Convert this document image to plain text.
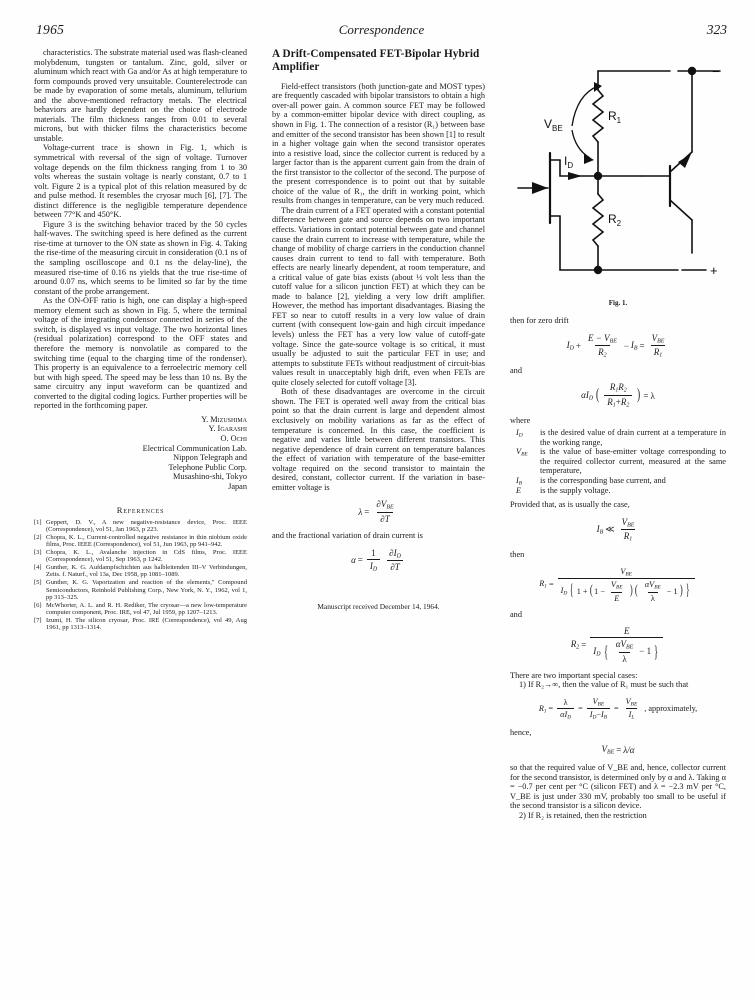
1965	Correspondence	323

characteristics. The substrate material used was flash-cleaned molybdenum, tungsten or tantalum. Zinc, gold, silver or aluminum which react with Ga and/or As at high temperature to form compounds proved very unsuitable. Counterelectrode can be made by evaporation of some metals, aluminum, tellurium and the above-mentioned refractory metals. The electrical behaviors are hardly dependent on the choice of electrode materials. The film thickness ranges from 0.01 to several microns, but with thicker films the characteristics become unstable.

Voltage-current trace is shown in Fig. 1, which is symmetrical with reversal of the sign of voltage. Turnover voltage depends on the film thickness ranging from 1 to 30 volts whereas the sustain voltage is nearly constant, 0.7 to 1 volt. Figure 2 is a typical plot of this relation measured by dc and pulse method. It resembles the cryosar much [6], [7]. The distinct difference is the negligible temperature dependence between 77°K and 450°K.

Figure 3 is the switching behavior traced by the 50 cycles half-waves. The switching speed is here defined as the current rise-time at turnover to the ON state as shown in Fig. 4. Taking the rise-time of the measuring circuit in consideration (0.1 ns of the sampling oscilloscope and 0.1 ns the delay-line), the measured rise-time of 0.16 ns yields that the true rise-time of around 0.07 ns, which seems to be limited so far by the time constant of the probe arrangement.

As the ON-OFF ratio is high, one can display a high-speed memory element such as shown in Fig. 5, where the terminal voltage of the integrating condensor connected in series of the switch, is displayed vs input voltage. The two horizontal lines (residual polarization) correspond to the OFF states and therefore the memory is nonvolatile as compared to the switching time (equal to the charging time of the rondenser). This property is an equivalence to a ferroelectric memory cell but with high speed. The speed may be less than 10 ns. By the same circuitry any input waveform can be quantized and converted to the digital coding logics. Further properties will be reported in the forthcoming paper.

Y. Mizushima
Y. Igarashi
O. Ochi
Electrical Communication Lab.
Nippon Telegraph and
Telephone Public Corp.
Musashino-shi, Tokyo
Japan
References
[1] Geppert, D. V., A new negative-resistance device, Proc. IEEE (Correspondence), vol 51, Jan 1963, p 223.
[2] Chopra, K. L., Current-controlled negative resistance in thin niobium oxide films, Proc. IEEE (Correspondence), vol 51, Jun 1963, pp 941–942.
[3] Chopra, K. L., Avalanche injection in CdS films, Proc. IEEE (Correspondence), vol 51, Sep 1963, p 1242.
[4] Gunther, K. G. Aufdampfschichten aus halbleitenden III–V Verbindungen, Zeits. f. Naturf., vol 13a, Dec 1958, pp 1081–1089.
[5] Gunther, K. G. Vaporization and reaction of the elements," Compound Semiconductors, Reinhold Publishing Corp., New York, N. Y., 1962, vol 1, pp 313–325.
[6] McWhorter, A. L. and R. H. Rediker, The cryosar—a new low-temperature computer component, Proc. IRE, vol 47, Jul 1959, pp 1207–1213.
[7] Izumi, H. The silicon cryosar, Proc. IRE (Correspondence), vol 49, Aug 1961, pp 1313–1314.
A Drift-Compensated FET-Bipolar Hybrid Amplifier

Field-effect transistors (both junction-gate and MOST types) are frequently cascaded with bipolar transistors to obtain a high over-all power gain. A common source FET may be followed by a common-emitter bipolar device with direct coupling, as shown in Fig. 1. The connection of a resistor (R₁) between base and emitter of the second transistor has been shown [1] to result in a higher voltage gain when the second transistor operates into a resistive load, since the collector current is reduced by a larger factor than is the apparent current gain from the drain of the first transistor to the collector of the second. The purpose of the present correspondence is to point out that by suitable choice of the value of R₁, the drift in working point, which results from changes in temperature, can be very much reduced.

The drain current of a FET operated with a constant potential difference between gate and source depends on two important effects. Variations in contact potential between gate and channel cause the drain current to increase with temperature, while the change of mobility of charge carriers in the conduction channel causes drain current to tend to fall with temperature. Both effects are nearly linearly dependent, at room temperature, and a critical value of gate bias exists (about ½ volt less than the cutoff value for a silicon junction FET) at which they can be made to balance [2], yielding a very low drift amplifier. However, the method has important disadvantages. Biasing the FET so near to cutoff results in a very low value of drain current (with consequent low-gain and high circuit impedance levels) unless the FET has a very low value of cutoff-gate voltage. Since the gate-source voltage is so critical, it must usually be adjusted to suit the particular FET in use; and attempts to substitute FETs without readjustment of circuit-bias values result in unacceptably high drift, even when FETs are quite closely selected for cutoff voltage [3].

Both of these disadvantages are overcome in the circuit shown. The FET is operated well away from the critical bias point so that the drain current is large and dependent almost exclusively on mobility variations as far as the effect of temperature is concerned. In this case, the coefficient is negative and varies little between different transistors. This negative dependence of drain current on temperature balances the effect of variation with temperature of the base-emitter voltage required on the second transistor to maintain the desired, constant, collector current. If the variation in base-emitter voltage is

$\lambda = \frac{\partial V_{BE}}{\partial T}$

and the fractional variation of drain current is

$\alpha = \frac{1}{I_D} \frac{\partial I_D}{\partial T}$
Manuscript received December 14, 1964.
$V_{BE}$
$I_D$
$R_1$
$R_2$
−
+
Fig. 1.

then for zero drift

$I_D + \frac{E - V_{BE}}{R_2} - I_B = \frac{V_{BE}}{R_1}$

and

$\alpha I_D$ ( $\frac{R_1R_2}{R_1+R_2}$ ) = λ

where

$I_D$ is the desired value of drain current at a temperature in the working range,
$V_{BE}$ is the value of base-emitter voltage corresponding to the required collector current, measured at the same temperature,
$I_B$ is the corresponding base current, and
E is the supply voltage.

Provided that, as is usually the case,

$I_B$ ≪ $\frac{V_{BE}}{R_1}$

then

$R_1$ =
$V_{BE}$
$I_D$ { 1 + ( $1 - \frac{V_{BE}}{E}$ ) ( $\frac{\alpha V_{BE}}{\lambda} - 1$ ) }

and

$R_2$ =
E
$I_D$ { $\frac{\alpha V_{BE}}{\lambda} - 1$ }

There are two important special cases:

1) If R₂→∞, then the value of R₁ must be such that

$R_1 = \frac{\lambda}{\alpha I_D} = \frac{V_{BE}}{I_D-I_B} = \frac{V_{BE}}{I_L}$ , approximately,

hence,

$V_{BE} = \lambda/\alpha$

so that the required value of V_BE and, hence, collector current for the second transistor, is determined only by α and λ. Taking α = −0.7 per cent per °C (silicon FET) and λ = −2.3 mV per °C, V_BE is just under 330 mV, probably too small to be useful if the second transistor is a silicon device.

2) If R₂ is retained, then the restriction
